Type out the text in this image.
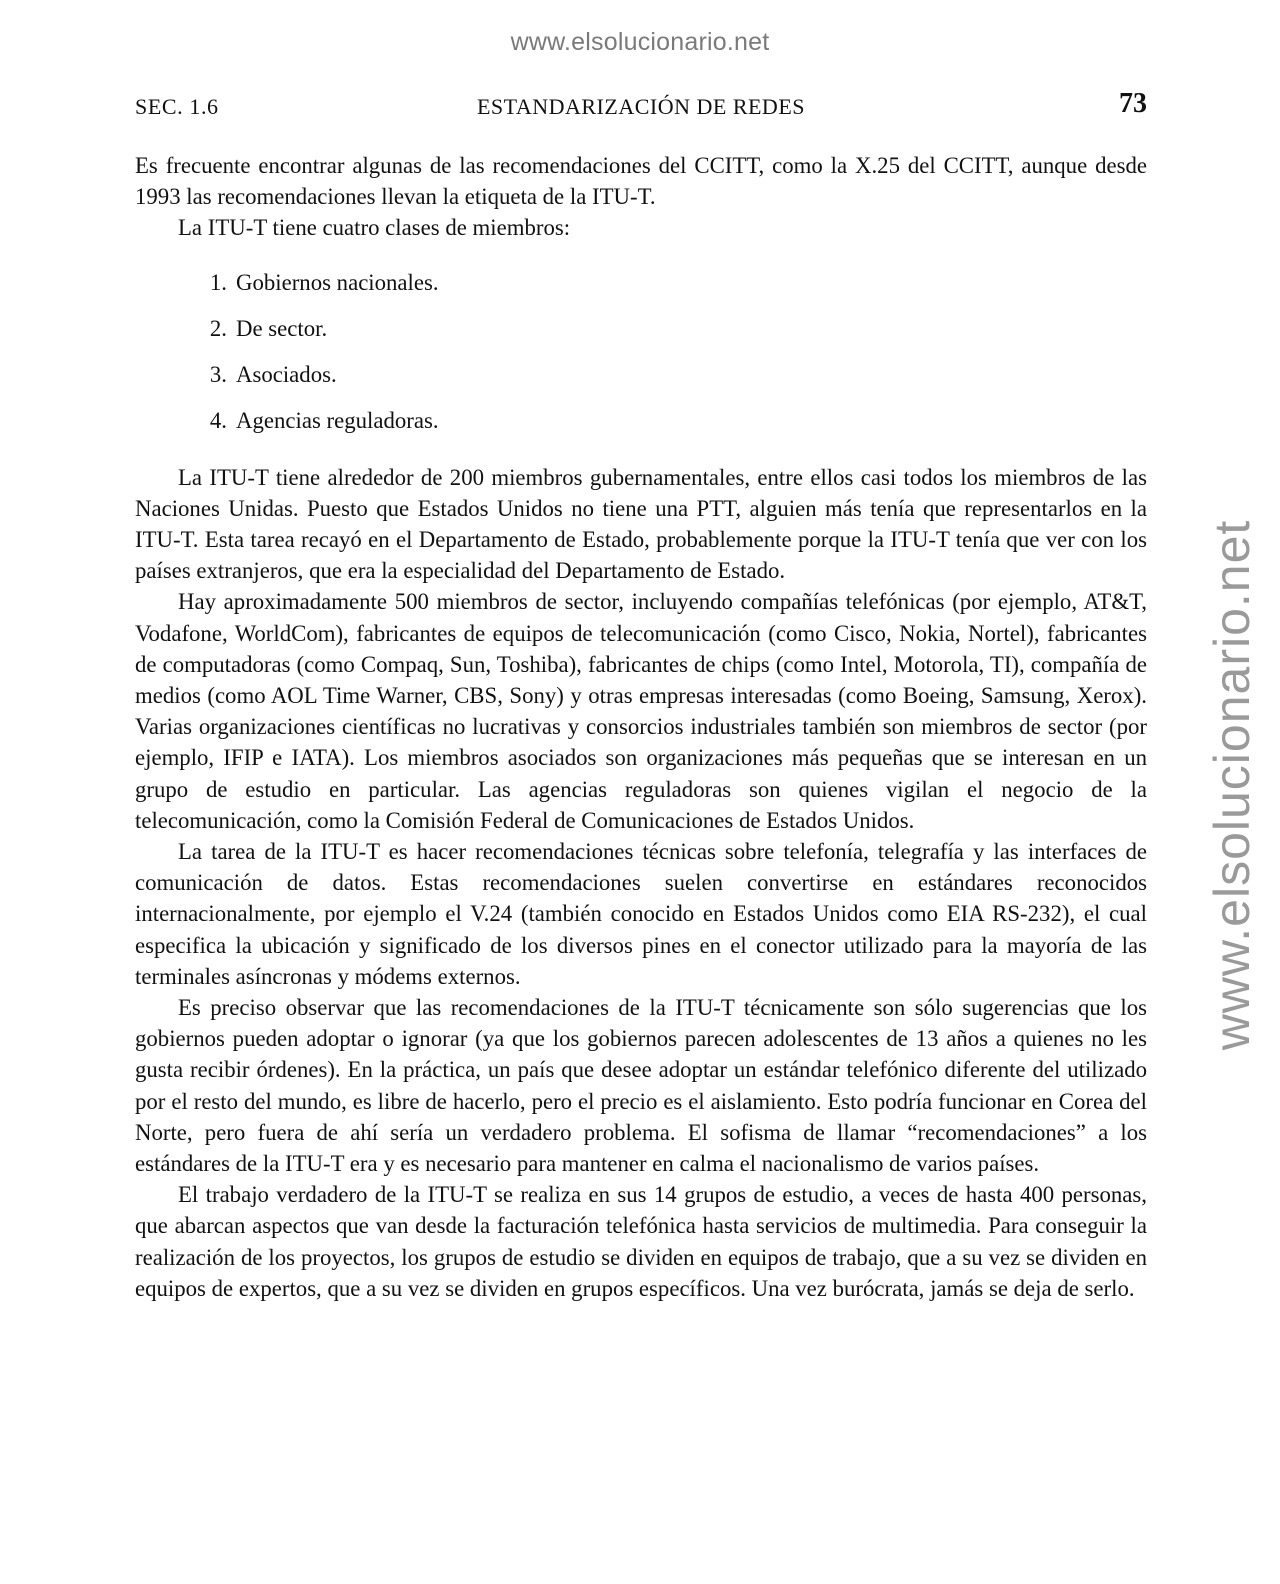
www.elsolucionario.net
www.elsolucionario.net
SEC. 1.6	ESTANDARIZACIÓN DE REDES	73

Es frecuente encontrar algunas de las recomendaciones del CCITT, como la X.25 del CCITT, aunque desde 1993 las recomendaciones llevan la etiqueta de la ITU-T.

La ITU-T tiene cuatro clases de miembros:

1. Gobiernos nacionales.
2. De sector.
3. Asociados.
4. Agencias reguladoras.

La ITU-T tiene alrededor de 200 miembros gubernamentales, entre ellos casi todos los miembros de las Naciones Unidas. Puesto que Estados Unidos no tiene una PTT, alguien más tenía que representarlos en la ITU-T. Esta tarea recayó en el Departamento de Estado, probablemente porque la ITU-T tenía que ver con los países extranjeros, que era la especialidad del Departamento de Estado.

Hay aproximadamente 500 miembros de sector, incluyendo compañías telefónicas (por ejemplo, AT&T, Vodafone, WorldCom), fabricantes de equipos de telecomunicación (como Cisco, Nokia, Nortel), fabricantes de computadoras (como Compaq, Sun, Toshiba), fabricantes de chips (como Intel, Motorola, TI), compañía de medios (como AOL Time Warner, CBS, Sony) y otras empresas interesadas (como Boeing, Samsung, Xerox). Varias organizaciones científicas no lucrativas y consorcios industriales también son miembros de sector (por ejemplo, IFIP e IATA). Los miembros asociados son organizaciones más pequeñas que se interesan en un grupo de estudio en particular. Las agencias reguladoras son quienes vigilan el negocio de la telecomunicación, como la Comisión Federal de Comunicaciones de Estados Unidos.

La tarea de la ITU-T es hacer recomendaciones técnicas sobre telefonía, telegrafía y las interfaces de comunicación de datos. Estas recomendaciones suelen convertirse en estándares reconocidos internacionalmente, por ejemplo el V.24 (también conocido en Estados Unidos como EIA RS-232), el cual especifica la ubicación y significado de los diversos pines en el conector utilizado para la mayoría de las terminales asíncronas y módems externos.

Es preciso observar que las recomendaciones de la ITU-T técnicamente son sólo sugerencias que los gobiernos pueden adoptar o ignorar (ya que los gobiernos parecen adolescentes de 13 años a quienes no les gusta recibir órdenes). En la práctica, un país que desee adoptar un estándar telefónico diferente del utilizado por el resto del mundo, es libre de hacerlo, pero el precio es el aislamiento. Esto podría funcionar en Corea del Norte, pero fuera de ahí sería un verdadero problema. El sofisma de llamar “recomendaciones” a los estándares de la ITU-T era y es necesario para mantener en calma el nacionalismo de varios países.

El trabajo verdadero de la ITU-T se realiza en sus 14 grupos de estudio, a veces de hasta 400 personas, que abarcan aspectos que van desde la facturación telefónica hasta servicios de multimedia. Para conseguir la realización de los proyectos, los grupos de estudio se dividen en equipos de trabajo, que a su vez se dividen en equipos de expertos, que a su vez se dividen en grupos específicos. Una vez burócrata, jamás se deja de serlo.
